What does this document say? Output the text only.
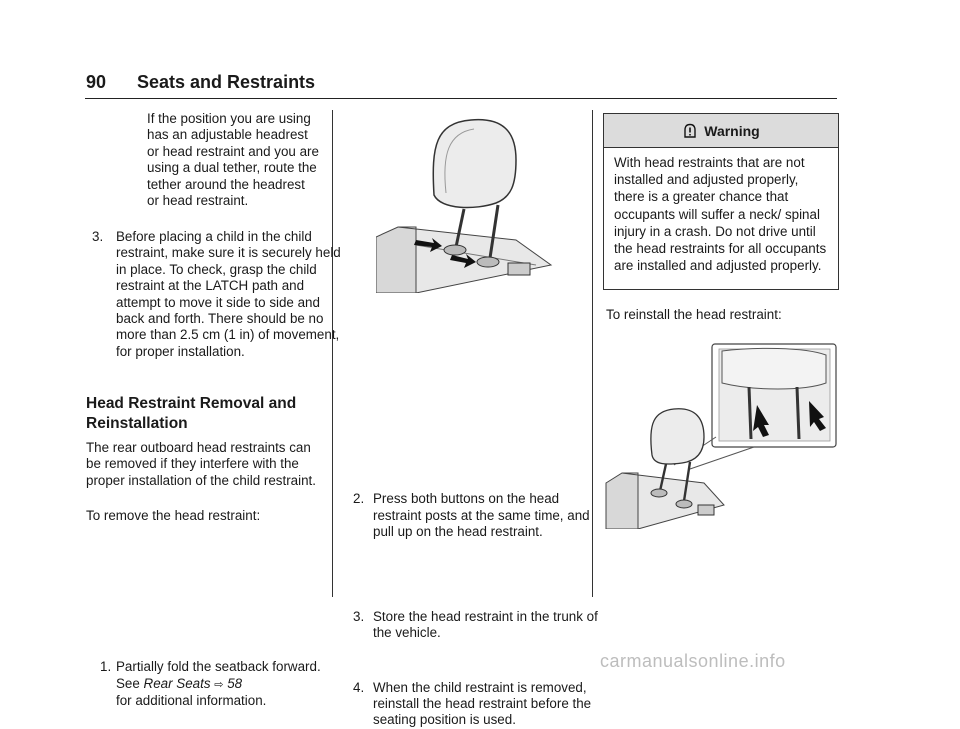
90 Seats and Restraints
If the position you are using has an adjustable headrest or head restraint and you are using a dual tether, route the tether around the headrest or head restraint.
3. Before placing a child in the child restraint, make sure it is securely held in place. To check, grasp the child restraint at the LATCH path and attempt to move it side to side and back and forth. There should be no more than 2.5 cm (1 in) of movement, for proper installation.
Head Restraint Removal and
Reinstallation
The rear outboard head restraints can be removed if they interfere with the proper installation of the child restraint.
To remove the head restraint:
1. Partially fold the seatback forward. See Rear Seats ⇨ 58
for additional information.
2. Press both buttons on the head restraint posts at the same time, and pull up on the head restraint.
3. Store the head restraint in the trunk of the vehicle.
4. When the child restraint is removed, reinstall the head restraint before the seating position is used.
Warning
With head restraints that are not installed and adjusted properly, there is a greater chance that occupants will suffer a neck/ spinal injury in a crash. Do not drive until the head restraints for all occupants are installed and adjusted properly.
To reinstall the head restraint:
carmanualsonline.info
